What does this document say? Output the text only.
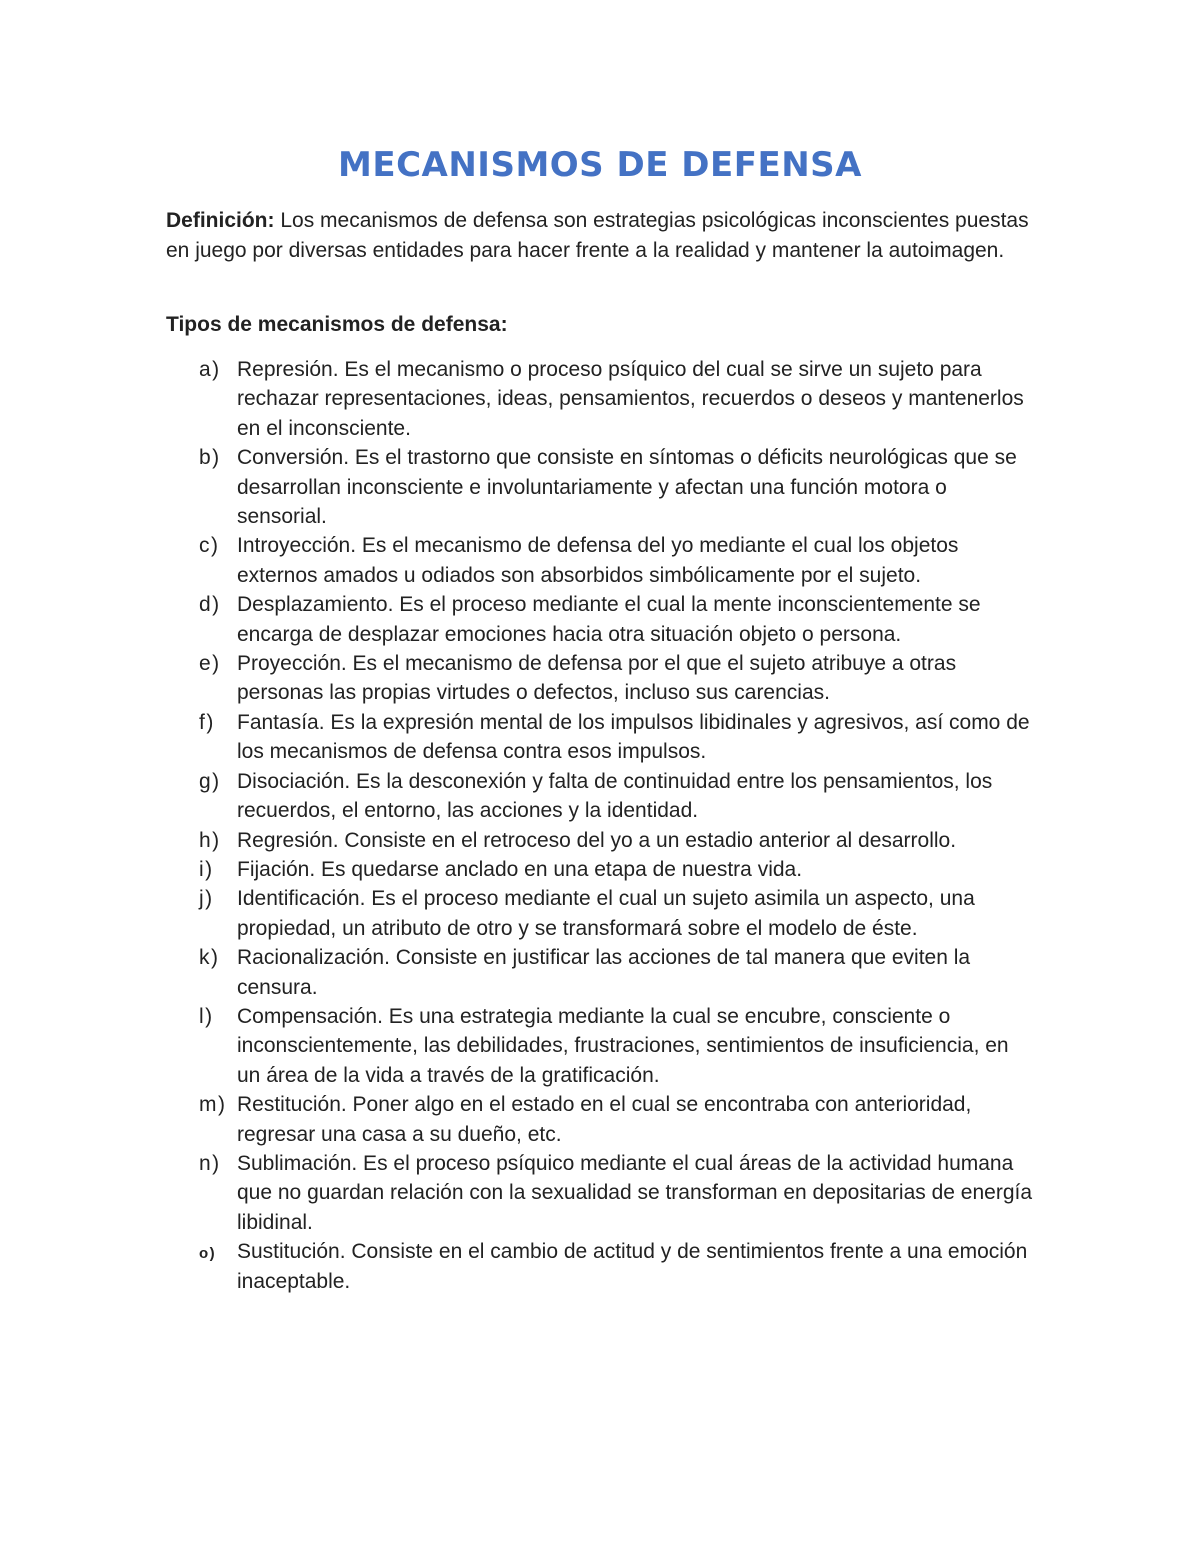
MECANISMOS DE DEFENSA

Definición: Los mecanismos de defensa son estrategias psicológicas inconscientes puestas en juego por diversas entidades para hacer frente a la realidad y mantener la autoimagen.

Tipos de mecanismos de defensa:

a) Represión. Es el mecanismo o proceso psíquico del cual se sirve un sujeto para rechazar representaciones, ideas, pensamientos, recuerdos o deseos y mantenerlos en el inconsciente.
b) Conversión. Es el trastorno que consiste en síntomas o déficits neurológicas que se desarrollan inconsciente e involuntariamente y afectan una función motora o sensorial.
c) Introyección. Es el mecanismo de defensa del yo mediante el cual los objetos externos amados u odiados son absorbidos simbólicamente por el sujeto.
d) Desplazamiento. Es el proceso mediante el cual la mente inconscientemente se encarga de desplazar emociones hacia otra situación objeto o persona.
e) Proyección. Es el mecanismo de defensa por el que el sujeto atribuye a otras personas las propias virtudes o defectos, incluso sus carencias.
f)	Fantasía. Es la expresión mental de los impulsos libidinales y agresivos, así como de los mecanismos de defensa contra esos impulsos.
g) Disociación. Es la desconexión y falta de continuidad entre los pensamientos, los recuerdos, el entorno, las acciones y la identidad.
h) Regresión. Consiste en el retroceso del yo a un estadio anterior al desarrollo.
i)	Fijación. Es quedarse anclado en una etapa de nuestra vida.
j)	Identificación. Es el proceso mediante el cual un sujeto asimila un aspecto, una propiedad, un atributo de otro y se transformará sobre el modelo de éste.
k) Racionalización. Consiste en justificar las acciones de tal manera que eviten la censura.
l)	Compensación. Es una estrategia mediante la cual se encubre, consciente o inconscientemente, las debilidades, frustraciones, sentimientos de insuficiencia, en un área de la vida a través de la gratificación.
m) Restitución. Poner algo en el estado en el cual se encontraba con anterioridad, regresar una casa a su dueño, etc.
n) Sublimación. Es el proceso psíquico mediante el cual áreas de la actividad humana que no guardan relación con la sexualidad se transforman en depositarias de energía libidinal.
o) Sustitución. Consiste en el cambio de actitud y de sentimientos frente a una emoción inaceptable.
